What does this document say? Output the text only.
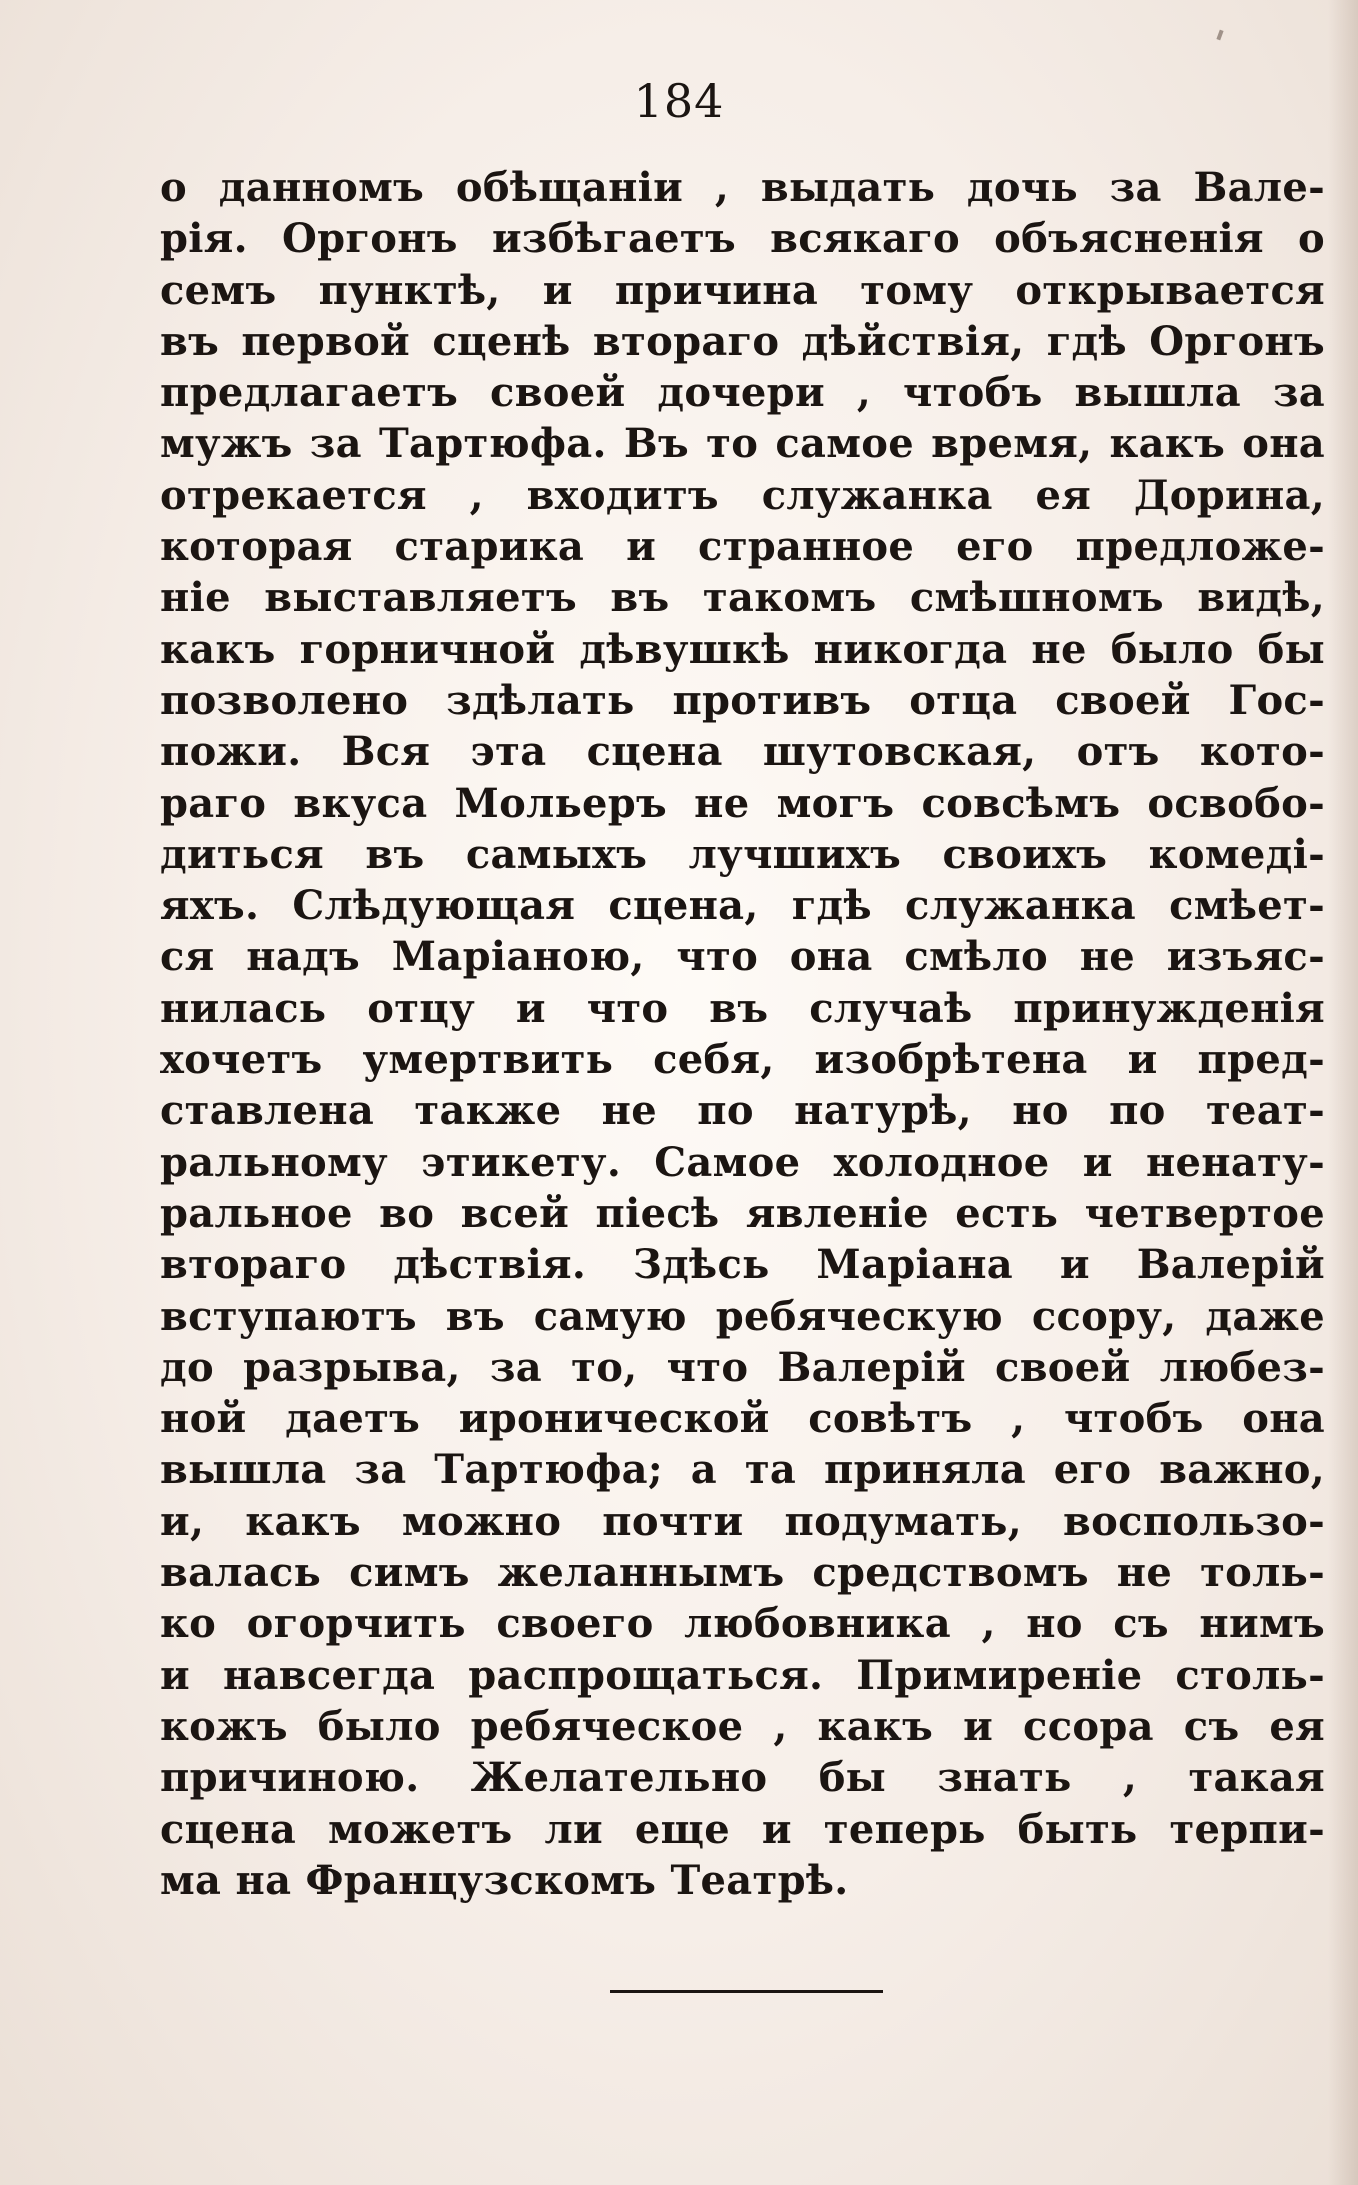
184
о данномъ обѣщаніи , выдать дочь за Вале-
рія. Оргонъ избѣгаетъ всякаго объясненія о
семъ пунктѣ, и причина тому открывается
въ первой сценѣ втораго дѣйствія, гдѣ Оргонъ
предлагаетъ своей дочери , чтобъ вышла за
мужъ за Тартюфа. Въ то самое время, какъ она
отрекается , входитъ служанка ея Дорина,
которая старика и странное его предложе-
ніе выставляетъ въ такомъ смѣшномъ видѣ,
какъ горничной дѣвушкѣ никогда не было бы
позволено здѣлать противъ отца своей Гос-
пожи. Вся эта сцена шутовская, отъ кото-
раго вкуса Мольеръ не могъ совсѣмъ освобо-
диться въ самыхъ лучшихъ своихъ комеді-
яхъ. Слѣдующая сцена, гдѣ служанка смѣет-
ся надъ Маріаною, что она смѣло не изъяс-
нилась отцу и что въ случаѣ принужденія
хочетъ умертвить себя, изобрѣтена и пред-
ставлена также не по натурѣ, но по теат-
ральному этикету. Самое холодное и ненату-
ральное во всей піесѣ явленіе есть четвертое
втораго дѣствія. Здѣсь Маріана и Валерій
вступаютъ въ самую ребяческую ссору, даже
до разрыва, за то, что Валерій своей любез-
ной даетъ иронической совѣтъ , чтобъ она
вышла за Тартюфа; а та приняла его важно,
и, какъ можно почти подумать, воспользо-
валась симъ желаннымъ средствомъ не толь-
ко огорчить своего любовника , но съ нимъ
и навсегда распрощаться. Примиреніе столь-
кожъ было ребяческое , какъ и ссора съ ея
причиною. Желательно бы знать , такая
сцена можетъ ли еще и теперь быть терпи-
ма на Французскомъ Театрѣ.
